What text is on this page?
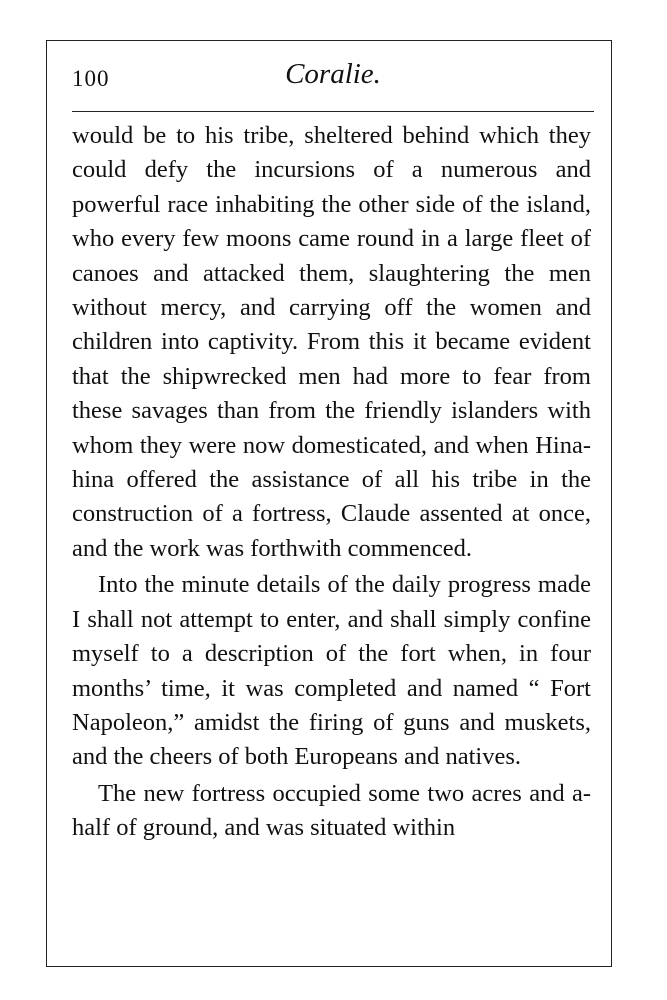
100	Coralie.

would be to his tribe, sheltered behind which they could defy the incursions of a numerous and powerful race inhabiting the other side of the island, who every few moons came round in a large fleet of canoes and attacked them, slaughtering the men without mercy, and carrying off the women and children into captivity. From this it became evident that the shipwrecked men had more to fear from these savages than from the friendly islanders with whom they were now domesticated, and when Hina-hina offered the assistance of all his tribe in the construction of a fortress, Claude assented at once, and the work was forthwith commenced.

Into the minute details of the daily progress made I shall not attempt to enter, and shall simply confine myself to a description of the fort when, in four months’ time, it was completed and named “ Fort Napoleon,” amidst the firing of guns and muskets, and the cheers of both Europeans and natives.

The new fortress occupied some two acres and a-half of ground, and was situated within
